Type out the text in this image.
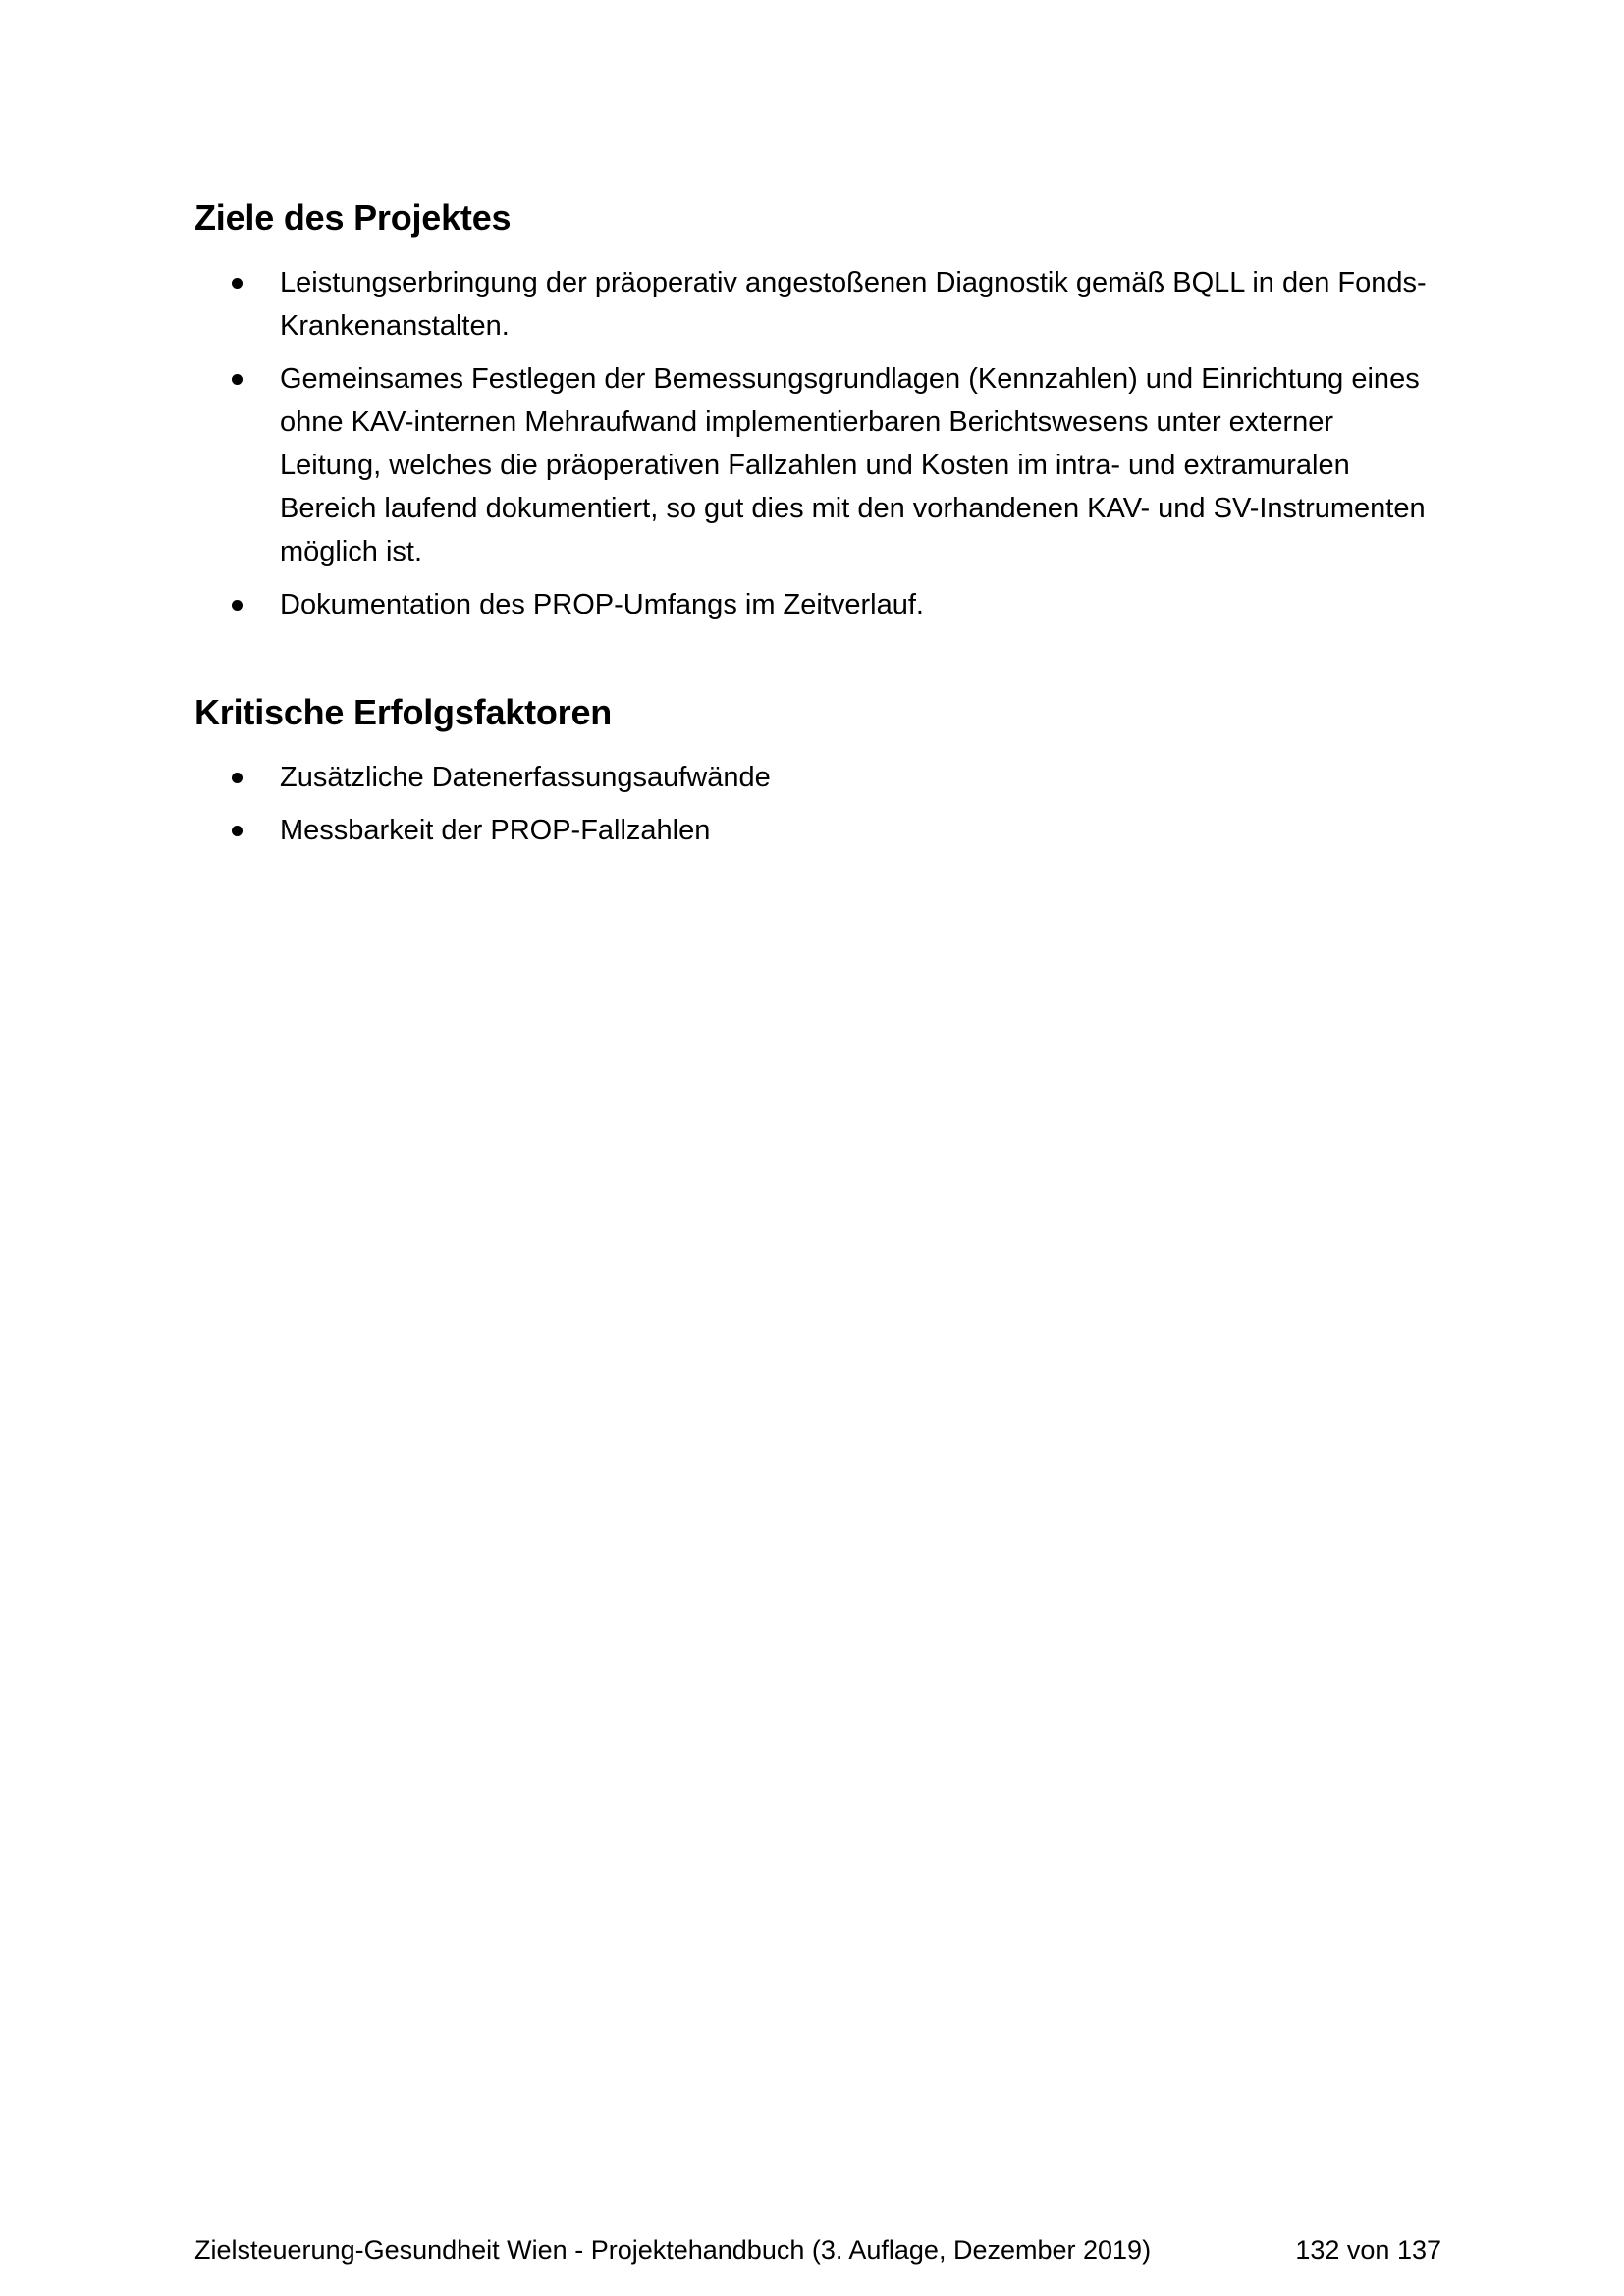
Ziele des Projektes
Leistungserbringung der präoperativ angestoßenen Diagnostik gemäß BQLL in den Fonds-Krankenanstalten.
Gemeinsames Festlegen der Bemessungsgrundlagen (Kennzahlen) und Einrichtung eines ohne KAV-internen Mehraufwand implementierbaren Berichtswesens unter externer Leitung, welches die präoperativen Fallzahlen und Kosten im intra- und extramuralen Bereich laufend dokumentiert, so gut dies mit den vorhandenen KAV- und SV-Instrumenten möglich ist.
Dokumentation des PROP-Umfangs im Zeitverlauf.
Kritische Erfolgsfaktoren
Zusätzliche Datenerfassungsaufwände
Messbarkeit der PROP-Fallzahlen
Zielsteuerung-Gesundheit Wien - Projektehandbuch (3. Auflage, Dezember 2019)	132 von 137
